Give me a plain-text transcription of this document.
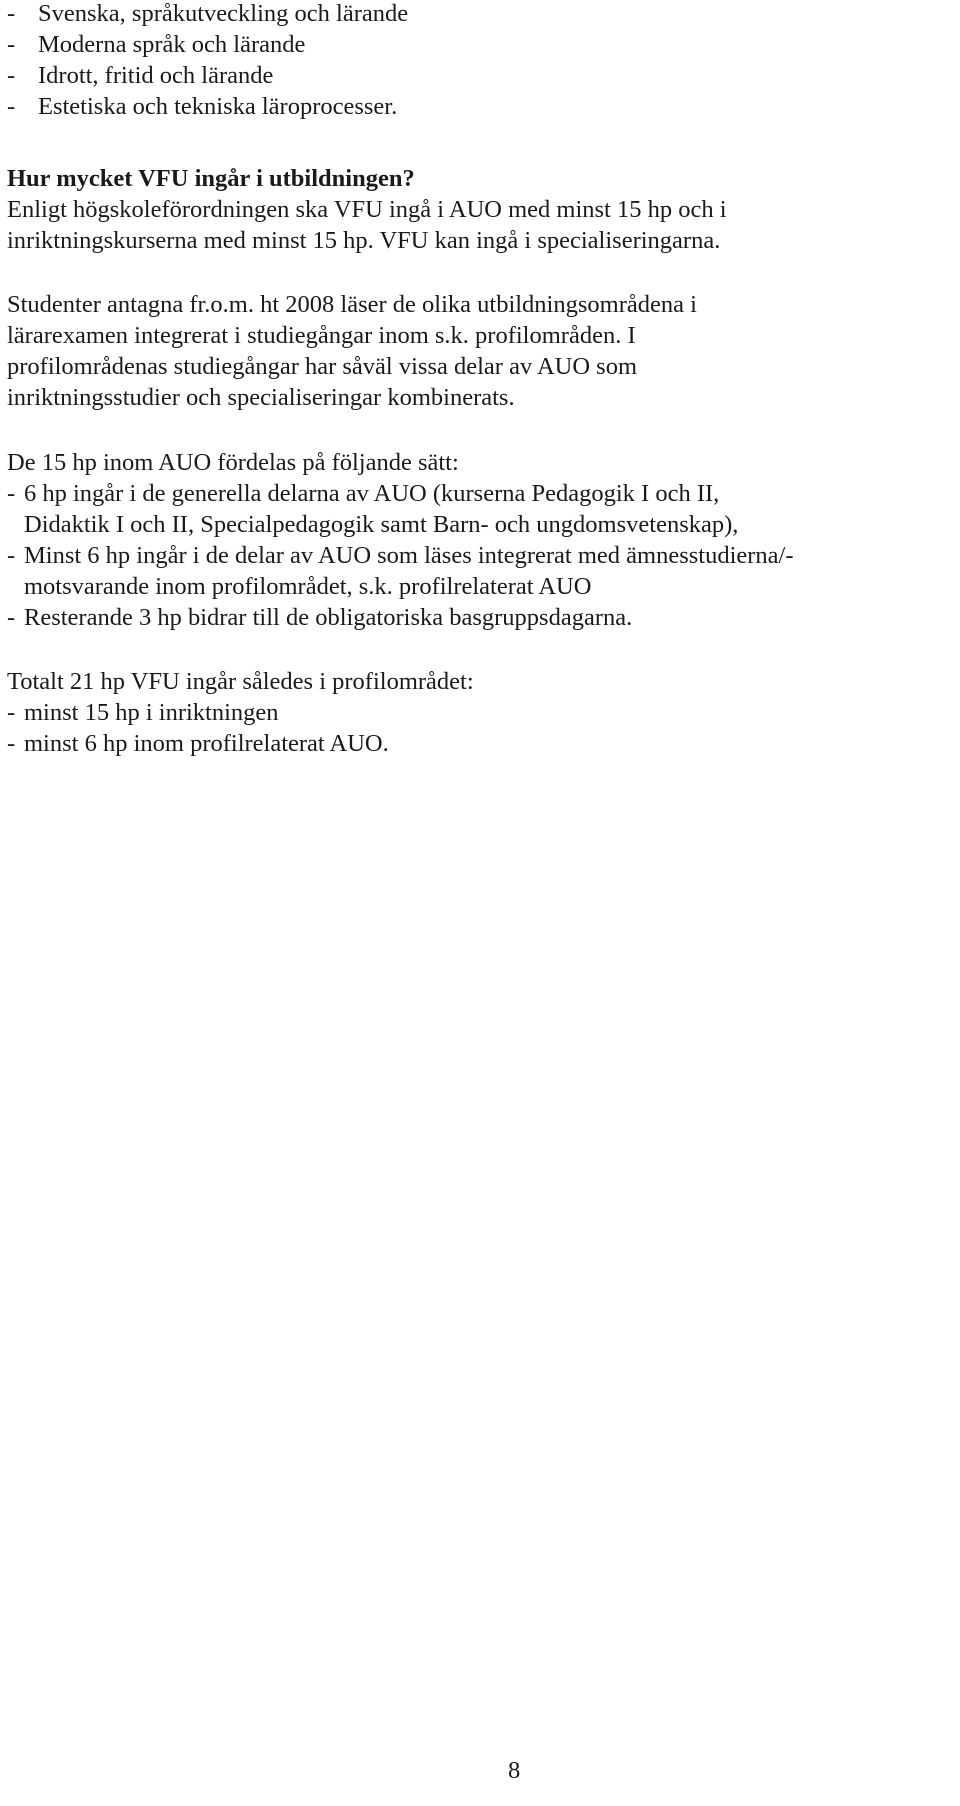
- Svenska, språkutveckling och lärande
- Moderna språk och lärande
- Idrott, fritid och lärande
- Estetiska och tekniska läroprocesser.
Hur mycket VFU ingår i utbildningen?
Enligt högskoleförordningen ska VFU ingå i AUO med minst 15 hp och i
inriktningskurserna med minst 15 hp. VFU kan ingå i specialiseringarna.
Studenter antagna fr.o.m. ht 2008 läser de olika utbildningsområdena i
lärarexamen integrerat i studiegångar inom s.k. profilområden. I
profilområdenas studiegångar har såväl vissa delar av AUO som
inriktningsstudier och specialiseringar kombinerats.
De 15 hp inom AUO fördelas på följande sätt:
- 6 hp ingår i de generella delarna av AUO (kurserna Pedagogik I och II,
Didaktik I och II, Specialpedagogik samt Barn- och ungdomsvetenskap),
- Minst 6 hp ingår i de delar av AUO som läses integrerat med ämnesstudierna/-
motsvarande inom profilområdet, s.k. profilrelaterat AUO
- Resterande 3 hp bidrar till de obligatoriska basgruppsdagarna.
Totalt 21 hp VFU ingår således i profilområdet:
- minst 15 hp i inriktningen
- minst 6 hp inom profilrelaterat AUO.
8
